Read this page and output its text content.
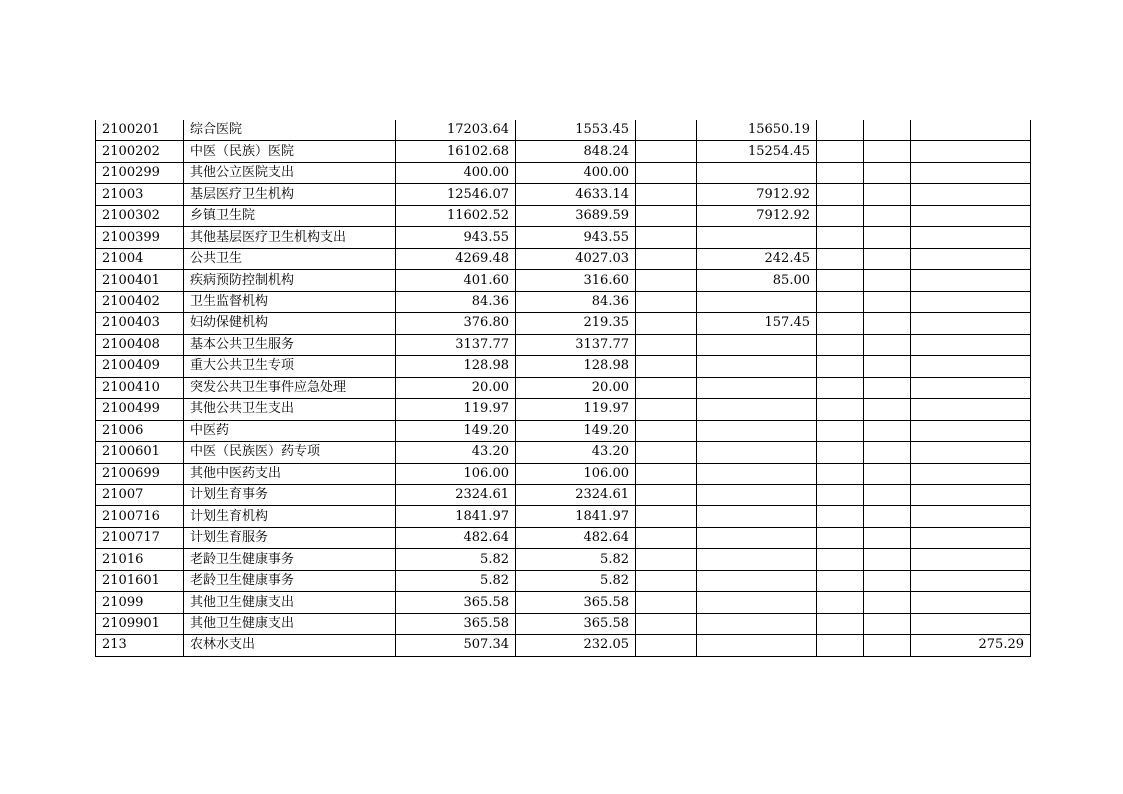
2100201	综合医院	17203.64	1553.45		15650.19			
2100202	中医（民族）医院	16102.68	848.24		15254.45			
2100299	其他公立医院支出	400.00	400.00					
21003	基层医疗卫生机构	12546.07	4633.14		7912.92			
2100302	乡镇卫生院	11602.52	3689.59		7912.92			
2100399	其他基层医疗卫生机构支出	943.55	943.55					
21004	公共卫生	4269.48	4027.03		242.45			
2100401	疾病预防控制机构	401.60	316.60		85.00			
2100402	卫生监督机构	84.36	84.36					
2100403	妇幼保健机构	376.80	219.35		157.45			
2100408	基本公共卫生服务	3137.77	3137.77					
2100409	重大公共卫生专项	128.98	128.98					
2100410	突发公共卫生事件应急处理	20.00	20.00					
2100499	其他公共卫生支出	119.97	119.97					
21006	中医药	149.20	149.20					
2100601	中医（民族医）药专项	43.20	43.20					
2100699	其他中医药支出	106.00	106.00					
21007	计划生育事务	2324.61	2324.61					
2100716	计划生育机构	1841.97	1841.97					
2100717	计划生育服务	482.64	482.64					
21016	老龄卫生健康事务	5.82	5.82					
2101601	老龄卫生健康事务	5.82	5.82					
21099	其他卫生健康支出	365.58	365.58					
2109901	其他卫生健康支出	365.58	365.58					
213	农林水支出	507.34	232.05					275.29
